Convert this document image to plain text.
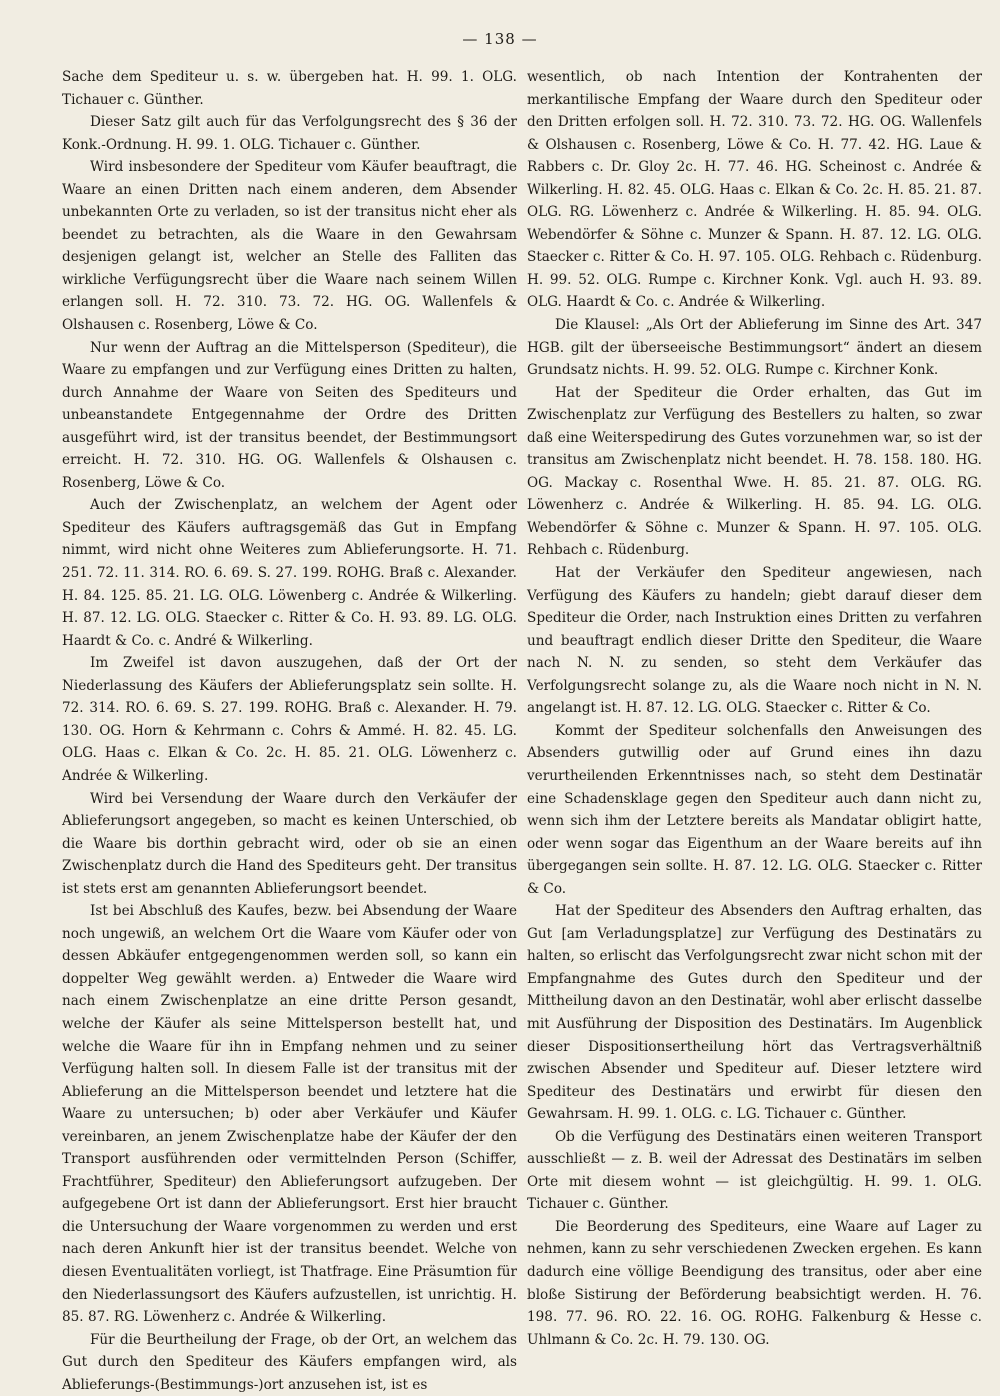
— 138 —

Sache dem Spediteur u. s. w. übergeben hat. H. 99. 1. OLG. Tichauer c. Günther.

Dieser Satz gilt auch für das Verfolgungsrecht des § 36 der Konk.-Ordnung. H. 99. 1. OLG. Tichauer c. Günther.

Wird insbesondere der Spediteur vom Käufer beauftragt, die Waare an einen Dritten nach einem anderen, dem Absender unbekannten Orte zu verladen, so ist der transitus nicht eher als beendet zu betrachten, als die Waare in den Gewahrsam desjenigen gelangt ist, welcher an Stelle des Falliten das wirkliche Verfügungsrecht über die Waare nach seinem Willen erlangen soll. H. 72. 310. 73. 72. HG. OG. Wallenfels & Olshausen c. Rosenberg, Löwe & Co.

Nur wenn der Auftrag an die Mittelsperson (Spediteur), die Waare zu empfangen und zur Verfügung eines Dritten zu halten, durch Annahme der Waare von Seiten des Spediteurs und unbeanstandete Entgegennahme der Ordre des Dritten ausgeführt wird, ist der transitus beendet, der Bestimmungsort erreicht. H. 72. 310. HG. OG. Wallenfels & Olshausen c. Rosenberg, Löwe & Co.

Auch der Zwischenplatz, an welchem der Agent oder Spediteur des Käufers auftragsgemäß das Gut in Empfang nimmt, wird nicht ohne Weiteres zum Ablieferungsorte. H. 71. 251. 72. 11. 314. RO. 6. 69. S. 27. 199. ROHG. Braß c. Alexander. H. 84. 125. 85. 21. LG. OLG. Löwenberg c. Andrée & Wilkerling. H. 87. 12. LG. OLG. Staecker c. Ritter & Co. H. 93. 89. LG. OLG. Haardt & Co. c. André & Wilkerling.

Im Zweifel ist davon auszugehen, daß der Ort der Niederlassung des Käufers der Ablieferungsplatz sein sollte. H. 72. 314. RO. 6. 69. S. 27. 199. ROHG. Braß c. Alexander. H. 79. 130. OG. Horn & Kehrmann c. Cohrs & Ammé. H. 82. 45. LG. OLG. Haas c. Elkan & Co. 2c. H. 85. 21. OLG. Löwenherz c. Andrée & Wilkerling.

Wird bei Versendung der Waare durch den Verkäufer der Ablieferungsort angegeben, so macht es keinen Unterschied, ob die Waare bis dorthin gebracht wird, oder ob sie an einen Zwischenplatz durch die Hand des Spediteurs geht. Der transitus ist stets erst am genannten Ablieferungsort beendet.

Ist bei Abschluß des Kaufes, bezw. bei Absendung der Waare noch ungewiß, an welchem Ort die Waare vom Käufer oder von dessen Abkäufer entgegengenommen werden soll, so kann ein doppelter Weg gewählt werden. a) Entweder die Waare wird nach einem Zwischenplatze an eine dritte Person gesandt, welche der Käufer als seine Mittelsperson bestellt hat, und welche die Waare für ihn in Empfang nehmen und zu seiner Verfügung halten soll. In diesem Falle ist der transitus mit der Ablieferung an die Mittelsperson beendet und letztere hat die Waare zu untersuchen; b) oder aber Verkäufer und Käufer vereinbaren, an jenem Zwischenplatze habe der Käufer der den Transport ausführenden oder vermittelnden Person (Schiffer, Frachtführer, Spediteur) den Ablieferungsort aufzugeben. Der aufgegebene Ort ist dann der Ablieferungsort. Erst hier braucht die Untersuchung der Waare vorgenommen zu werden und erst nach deren Ankunft hier ist der transitus beendet. Welche von diesen Eventualitäten vorliegt, ist Thatfrage. Eine Präsumtion für den Niederlassungsort des Käufers aufzustellen, ist unrichtig. H. 85. 87. RG. Löwenherz c. Andrée & Wilkerling.

Für die Beurtheilung der Frage, ob der Ort, an welchem das Gut durch den Spediteur des Käufers empfangen wird, als Ablieferungs-(Bestimmungs-)ort anzusehen ist, ist es

wesentlich, ob nach Intention der Kontrahenten der merkantilische Empfang der Waare durch den Spediteur oder den Dritten erfolgen soll. H. 72. 310. 73. 72. HG. OG. Wallenfels & Olshausen c. Rosenberg, Löwe & Co. H. 77. 42. HG. Laue & Rabbers c. Dr. Gloy 2c. H. 77. 46. HG. Scheinost c. Andrée & Wilkerling. H. 82. 45. OLG. Haas c. Elkan & Co. 2c. H. 85. 21. 87. OLG. RG. Löwenherz c. Andrée & Wilkerling. H. 85. 94. OLG. Webendörfer & Söhne c. Munzer & Spann. H. 87. 12. LG. OLG. Staecker c. Ritter & Co. H. 97. 105. OLG. Rehbach c. Rüdenburg. H. 99. 52. OLG. Rumpe c. Kirchner Konk. Vgl. auch H. 93. 89. OLG. Haardt & Co. c. Andrée & Wilkerling.

Die Klausel: „Als Ort der Ablieferung im Sinne des Art. 347 HGB. gilt der überseeische Bestimmungsort“ ändert an diesem Grundsatz nichts. H. 99. 52. OLG. Rumpe c. Kirchner Konk.

Hat der Spediteur die Order erhalten, das Gut im Zwischenplatz zur Verfügung des Bestellers zu halten, so zwar daß eine Weiterspedirung des Gutes vorzunehmen war, so ist der transitus am Zwischenplatz nicht beendet. H. 78. 158. 180. HG. OG. Mackay c. Rosenthal Wwe. H. 85. 21. 87. OLG. RG. Löwenherz c. Andrée & Wilkerling. H. 85. 94. LG. OLG. Webendörfer & Söhne c. Munzer & Spann. H. 97. 105. OLG. Rehbach c. Rüdenburg.

Hat der Verkäufer den Spediteur angewiesen, nach Verfügung des Käufers zu handeln; giebt darauf dieser dem Spediteur die Order, nach Instruktion eines Dritten zu verfahren und beauftragt endlich dieser Dritte den Spediteur, die Waare nach N. N. zu senden, so steht dem Verkäufer das Verfolgungsrecht solange zu, als die Waare noch nicht in N. N. angelangt ist. H. 87. 12. LG. OLG. Staecker c. Ritter & Co.

Kommt der Spediteur solchenfalls den Anweisungen des Absenders gutwillig oder auf Grund eines ihn dazu verurtheilenden Erkenntnisses nach, so steht dem Destinatär eine Schadensklage gegen den Spediteur auch dann nicht zu, wenn sich ihm der Letztere bereits als Mandatar obligirt hatte, oder wenn sogar das Eigenthum an der Waare bereits auf ihn übergegangen sein sollte. H. 87. 12. LG. OLG. Staecker c. Ritter & Co.

Hat der Spediteur des Absenders den Auftrag erhalten, das Gut [am Verladungsplatze] zur Verfügung des Destinatärs zu halten, so erlischt das Verfolgungsrecht zwar nicht schon mit der Empfangnahme des Gutes durch den Spediteur und der Mittheilung davon an den Destinatär, wohl aber erlischt dasselbe mit Ausführung der Disposition des Destinatärs. Im Augenblick dieser Dispositionsertheilung hört das Vertragsverhältniß zwischen Absender und Spediteur auf. Dieser letztere wird Spediteur des Destinatärs und erwirbt für diesen den Gewahrsam. H. 99. 1. OLG. c. LG. Tichauer c. Günther.

Ob die Verfügung des Destinatärs einen weiteren Transport ausschließt — z. B. weil der Adressat des Destinatärs im selben Orte mit diesem wohnt — ist gleichgültig. H. 99. 1. OLG. Tichauer c. Günther.

Die Beorderung des Spediteurs, eine Waare auf Lager zu nehmen, kann zu sehr verschiedenen Zwecken ergehen. Es kann dadurch eine völlige Beendigung des transitus, oder aber eine bloße Sistirung der Beförderung beabsichtigt werden. H. 76. 198. 77. 96. RO. 22. 16. OG. ROHG. Falkenburg & Hesse c. Uhlmann & Co. 2c. H. 79. 130. OG.
